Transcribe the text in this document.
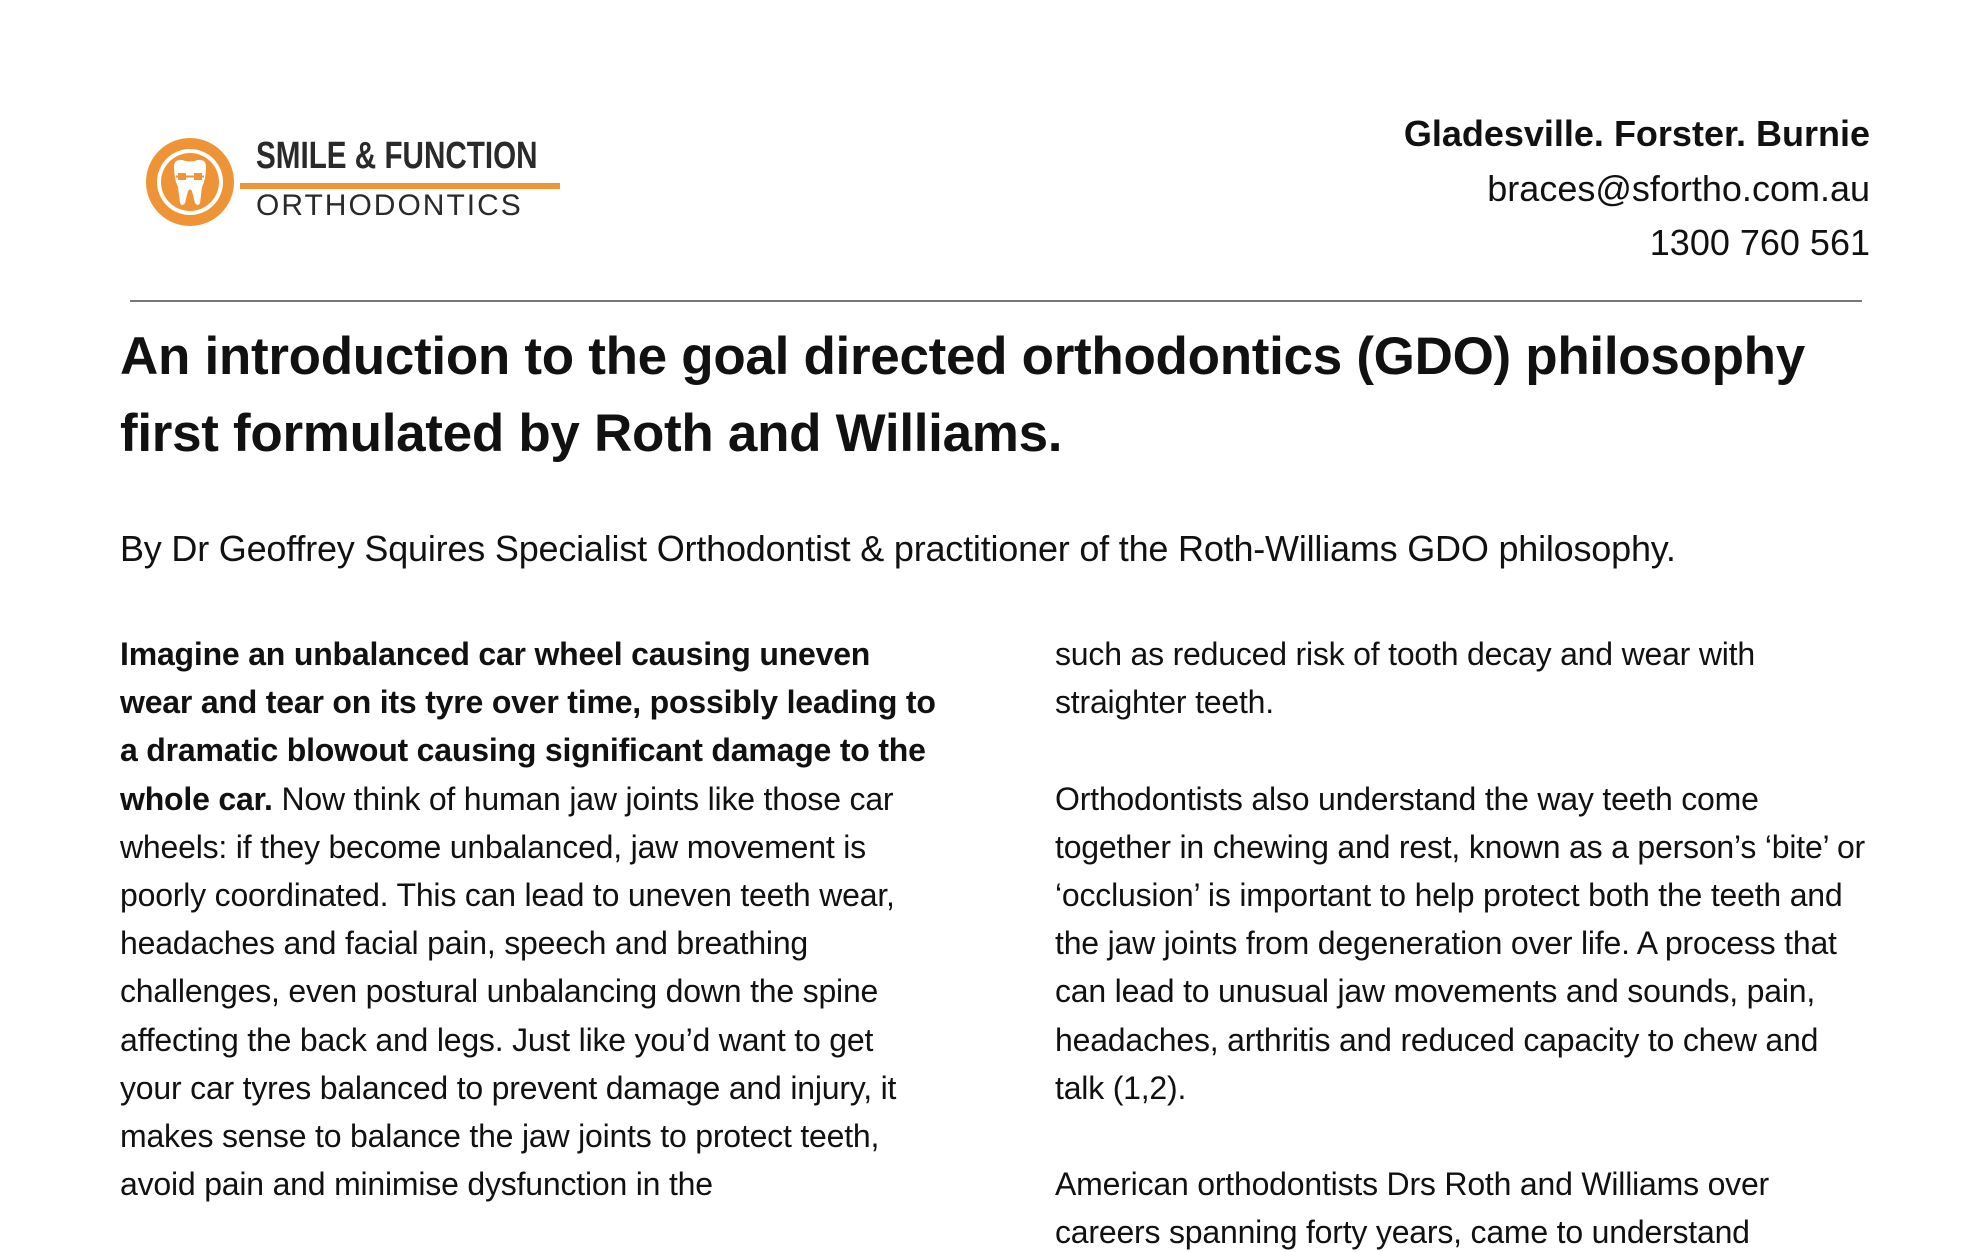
SMILE & FUNCTION
ORTHODONTICS
Gladesville. Forster. Burnie
braces@sfortho.com.au
1300 760 561
An introduction to the goal directed orthodontics (GDO) philosophy first formulated by Roth and Williams.
By Dr Geoffrey Squires Specialist Orthodontist & practitioner of the Roth-Williams GDO philosophy.

Imagine an unbalanced car wheel causing uneven wear and tear on its tyre over time, possibly leading to a dramatic blowout causing significant damage to the whole car. Now think of human jaw joints like those car wheels: if they become unbalanced, jaw movement is poorly coordinated. This can lead to uneven teeth wear, headaches and facial pain, speech and breathing challenges, even postural unbalancing down the spine affecting the back and legs. Just like you’d want to get your car tyres balanced to prevent damage and injury, it makes sense to balance the jaw joints to protect teeth, avoid pain and minimise dysfunction in the

such as reduced risk of tooth decay and wear with straighter teeth.

Orthodontists also understand the way teeth come together in chewing and rest, known as a person’s ‘bite’ or ‘occlusion’ is important to help protect both the teeth and the jaw joints from degeneration over life. A process that can lead to unusual jaw movements and sounds, pain, headaches, arthritis and reduced capacity to chew and talk (1,2).

American orthodontists Drs Roth and Williams over careers spanning forty years, came to understand
